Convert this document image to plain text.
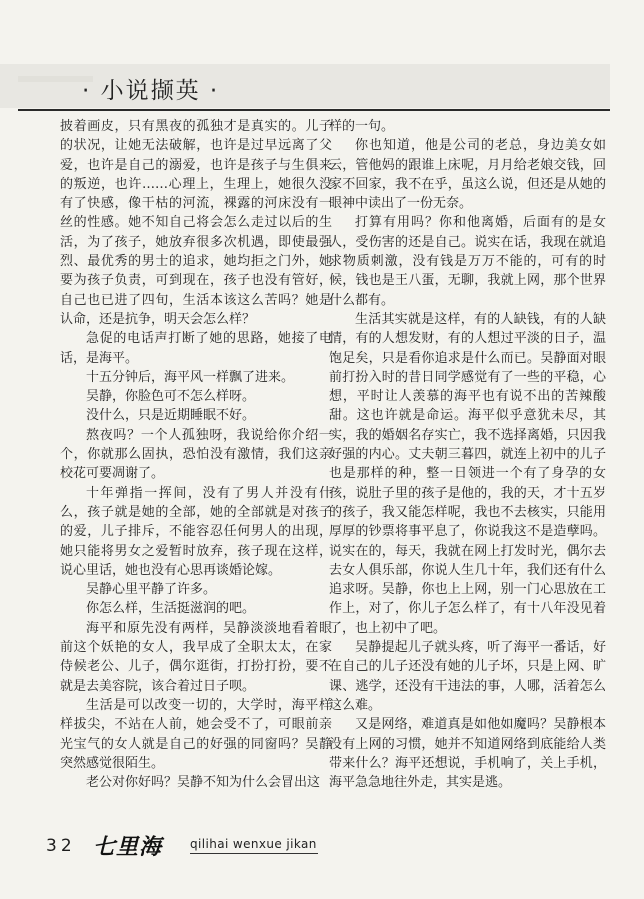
· 小说撷英 ·

披着画皮，只有黑夜的孤独才是真实的。儿子的状况，让她无法破解，也许是过早远离了父爱，也许是自己的溺爱，也许是孩子与生俱来的叛逆，也许……心理上，生理上，她很久没有了快感，像干枯的河流，裸露的河床没有一丝的性感。她不知自己将会怎么走过以后的生活，为了孩子，她放弃很多次机遇，即使最强烈、最优秀的男士的追求，她均拒之门外，她要为孩子负责，可到现在，孩子也没有管好，自己也已进了四旬，生活本该这么苦吗？她是认命，还是抗争，明天会怎么样？

急促的电话声打断了她的思路，她接了电话，是海平。

十五分钟后，海平风一样飘了进来。

吴静，你脸色可不怎么样呀。

没什么，只是近期睡眠不好。

熬夜吗？一个人孤独呀，我说给你介绍一个，你就那么固执，恐怕没有激情，我们这亲校花可要凋谢了。

十年弹指一挥间，没有了男人并没有什么，孩子就是她的全部，她的全部就是对孩子的爱，儿子排斥，不能容忍任何男人的出现，她只能将男女之爱暂时放弃，孩子现在这样，说心里话，她也没有心思再谈婚论嫁。

吴静心里平静了许多。

你怎么样，生活挺滋润的吧。

海平和原先没有两样，吴静淡淡地看着眼前这个妖艳的女人，我早成了全职太太，在家侍候老公、儿子，偶尔逛街，打扮打扮，要不就是去美容院，该合着过日子呗。

生活是可以改变一切的，大学时，海平样样拔尖，不站在人前，她会受不了，可眼前亲光宝气的女人就是自己的好强的同窗吗？吴静突然感觉很陌生。

老公对你好吗？吴静不知为什么会冒出这

样的一句。

你也知道，他是公司的老总，身边美女如云，管他妈的跟谁上床呢，月月给老娘交钱，回家不回家，我不在乎，虽这么说，但还是从她的眼神中读出了一份无奈。

打算有用吗？你和他离婚，后面有的是女人，受伤害的还是自己。说实在话，我现在就追求物质刺激，没有钱是万万不能的，可有的时候，钱也是王八蛋，无聊，我就上网，那个世界什么都有。

生活其实就是这样，有的人缺钱，有的人缺情，有的人想发财，有的人想过平淡的日子，温饱足矣，只是看你追求是什么而已。吴静面对眼前打扮入时的昔日同学感觉有了一些的平稳，心想，平时让人羡慕的海平也有说不出的苦辣酸甜。这也许就是命运。海平似乎意犹未尽，其实，我的婚姻名存实亡，我不选择离婚，只因我好强的内心。丈夫朝三暮四，就连上初中的儿子也是那样的种，整一日领进一个有了身孕的女孩，说肚子里的孩子是他的，我的天，才十五岁的孩子，我又能怎样呢，我也不去核实，只能用厚厚的钞票将事平息了，你说我这不是造孽吗。说实在的，每天，我就在网上打发时光，偶尔去去女人俱乐部，你说人生几十年，我们还有什么追求呀。吴静，你也上上网，别一门心思放在工作上，对了，你儿子怎么样了，有十八年没见着了，也上初中了吧。

吴静提起儿子就头疼，听了海平一番话，好在自己的儿子还没有她的儿子坏，只是上网、旷课、逃学，还没有干违法的事，人哪，活着怎么这么难。

又是网络，难道真是如他如魔吗？吴静根本没有上网的习惯，她并不知道网络到底能给人类带来什么？海平还想说，手机响了，关上手机，海平急急地往外走，其实是逃。

32 七里海 qilihai wenxue jikan
